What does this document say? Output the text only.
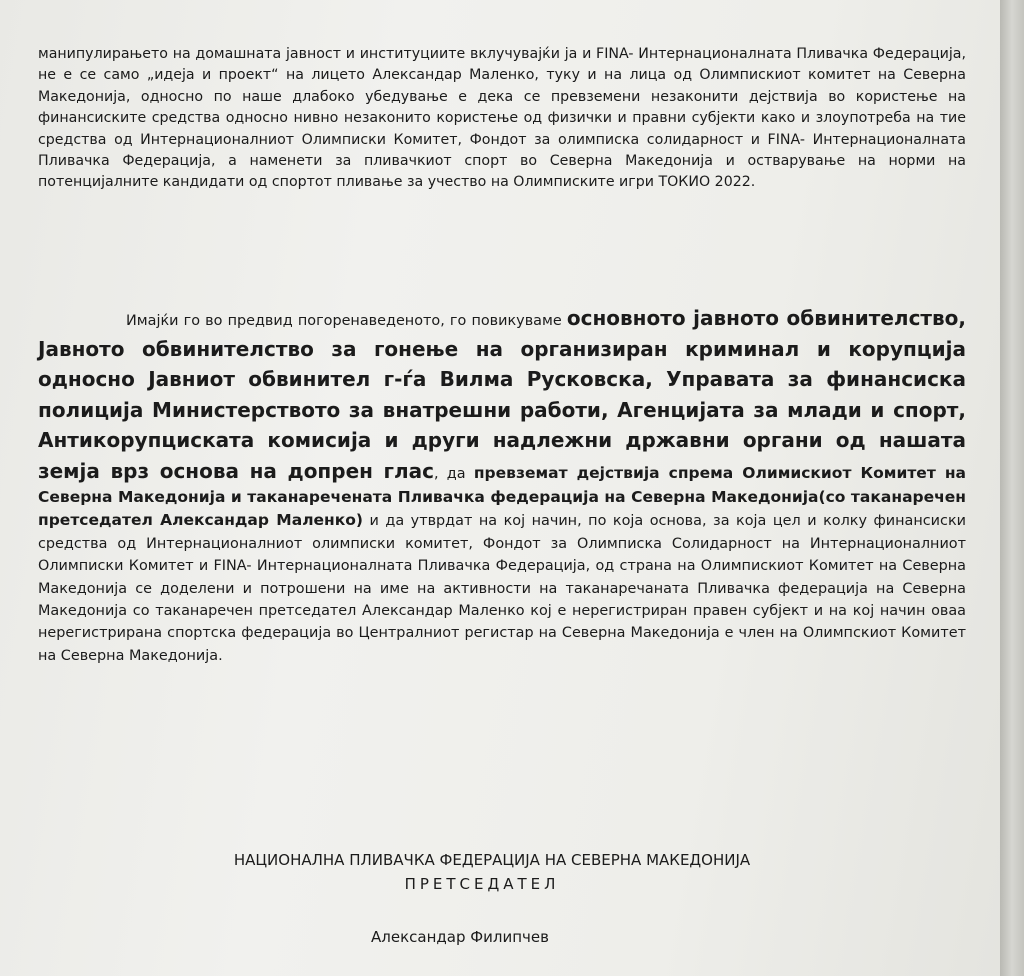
манипулирањето на домашната јавност и институциите вклучувајќи ја и FINA- Интернационалната Пливачка Федерација, не е се само „идеја и проект“ на лицето Александар Маленко, туку и на лица од Олимпискиот комитет на Северна Македонија, односно по наше длабоко убедување е дека се превземени незаконити дејствија во користење на финансиските средства односно нивно незаконито користење од физички и правни субјекти како и злоупотреба на тие средства од Интернационалниот Олимписки Комитет, Фондот за олимписка солидарност и FINA- Интернационалната Пливачка Федерација, а наменети за пливачкиот спорт во Северна Македонија и остварување на норми на потенцијалните кандидати од спортот пливање за учество на Олимписките игри ТОКИО 2022.

Имајќи го во предвид погоренаведеното, го повикуваме основното јавното обвинителство, Јавното обвинителство за гонење на организиран криминал и корупција односно Јавниот обвинител г-ѓа Вилма Русковска, Управата за финансиска полиција Министерството за внатрешни работи, Агенцијата за млади и спорт, Антикорупциската комисија и други надлежни државни органи од нашата земја врз основа на допрен глас, да превземат дејствија спрема Олимискиот Комитет на Северна Македонија и таканаречената Пливачка федерација на Северна Македонија(со таканаречен претседател Александар Маленко) и да утврдат на кој начин, по која основа, за која цел и колку финансиски средства од Интернационалниот олимписки комитет, Фондот за Олимписка Солидарност на Интернационалниот Олимписки Комитет и FINA- Интернационалната Пливачка Федерација, од страна на Олимпискиот Комитет на Северна Македонија се доделени и потрошени на име на активности на таканаречаната Пливачка федерација на Северна Македонија со таканаречен претседател Александар Маленко кој е нерегистриран правен субјект и на кој начин оваа нерегистрирана спортска федерација во Централниот регистар на Северна Македонија е член на Олимпскиот Комитет на Северна Македонија.

НАЦИОНАЛНА ПЛИВАЧКА ФЕДЕРАЦИЈА НА СЕВЕРНА МАКЕДОНИЈА
ПРЕТСЕДАТЕЛ
Александар Филипчев
